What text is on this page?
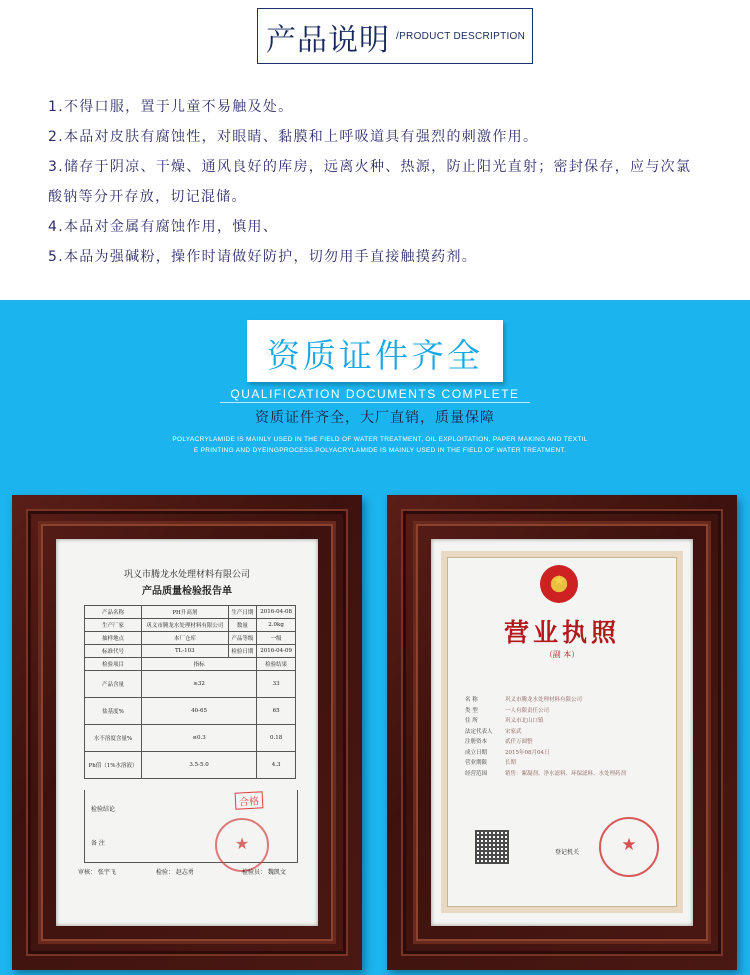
产品说明 /PRODUCT DESCRIPTION
1.不得口服，置于儿童不易触及处。
2.本品对皮肤有腐蚀性，对眼睛、黏膜和上呼吸道具有强烈的刺激作用。
3.储存于阴凉、干燥、通风良好的库房，远离火种、热源，防止阳光直射；密封保存，应与次氯
酸钠等分开存放，切记混储。
4.本品对金属有腐蚀作用，慎用、
5.本品为强碱粉，操作时请做好防护，切勿用手直接触摸药剂。
资质证件齐全
QUALIFICATION DOCUMENTS COMPLETE
资质证件齐全，大厂直销，质量保障
POLYACRYLAMIDE IS MAINLY USED IN THE FIELD OF WATER TREATMENT, OIL EXPLOITATION, PAPER MAKING AND TEXTIL
E PRINTING AND DYEINGPROCESS.POLYACRYLAMIDE IS MAINLY USED IN THE FIELD OF WATER TREATMENT.
巩义市腾龙水处理材料有限公司
产品质量检验报告单
产品名称	PH升高剂	生产日期	2016-04-08
生产厂家	巩义市腾龙水处理材料有限公司	数量	2.0kg
抽样地点	本厂仓库	产品等级	一级
标准代号	TL-103	检验日期	2016-04-09
检验项目	指标		检验结果
产品含量	≥32		33
盐基度%	40-65		65
水不溶度含量%	≤0.3		0.18
Ph值（1%水溶液）	3.5-5.0		4.3
检验结论
备 注
合格
★
审核： 张宇飞	检验： 赵志勇	检验员： 魏凯文
★
营业执照
（副 本）
名 称	巩义市腾龙水处理材料有限公司
类 型	一人有限责任公司
住 所	巩义市北山口镇
法定代表人 宋家武
注册资本	贰仟万圆整
成立日期	2015年08月04日
营业期限	长期
经营范围	销售：絮凝剂、净水滤料、环保滤料、水处理药剂
登记机关	★
